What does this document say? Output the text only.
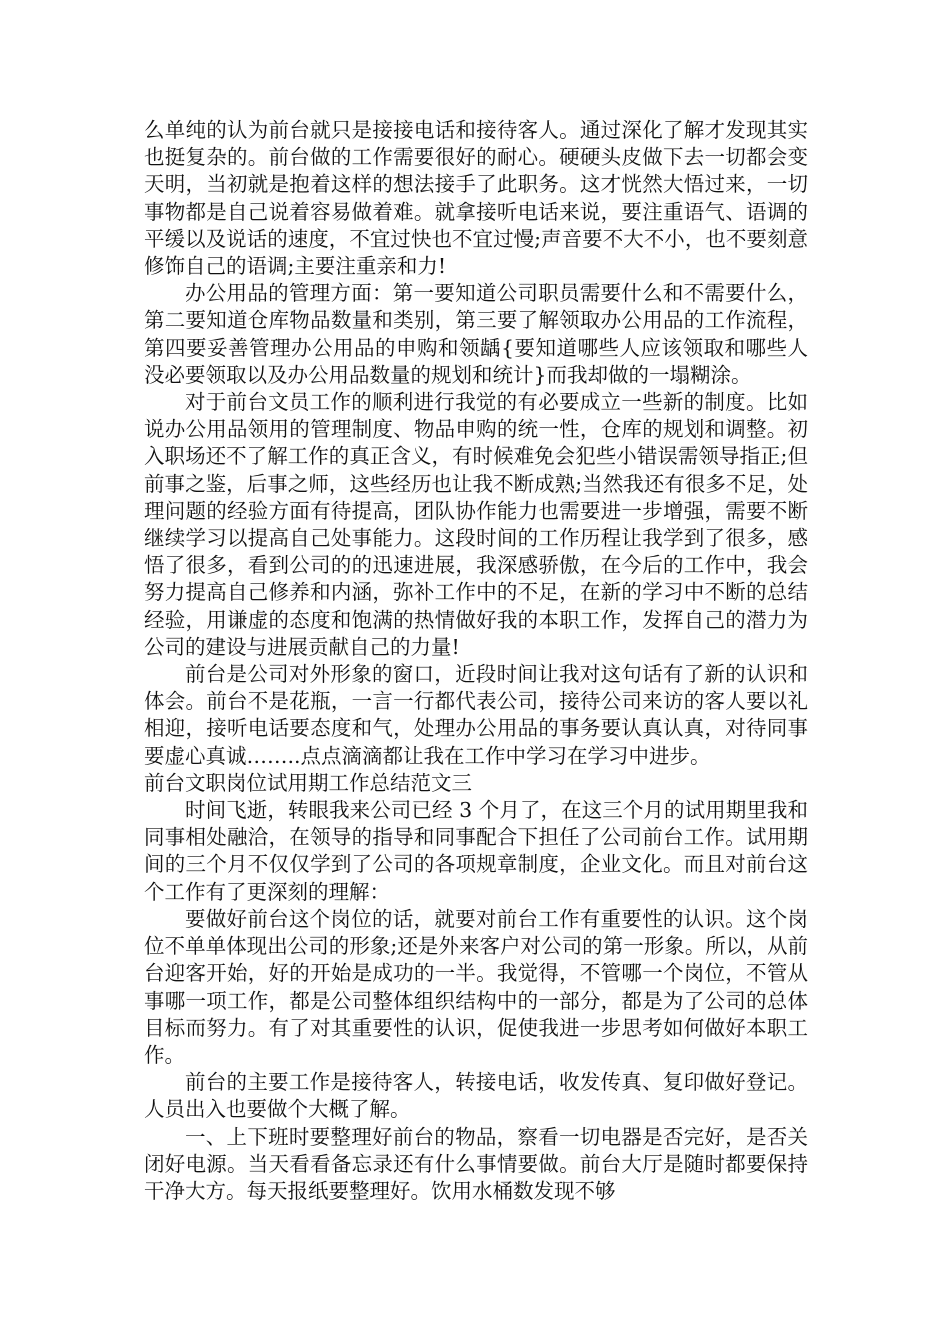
么单纯的认为前台就只是接接电话和接待客人。通过深化了解才发现其实也挺复杂的。前台做的工作需要很好的耐心。硬硬头皮做下去一切都会变天明，当初就是抱着这样的想法接手了此职务。这才恍然大悟过来，一切事物都是自己说着容易做着难。就拿接听电话来说，要注重语气、语调的平缓以及说话的速度，不宜过快也不宜过慢;声音要不大不小，也不要刻意修饰自己的语调;主要注重亲和力!

办公用品的管理方面：第一要知道公司职员需要什么和不需要什么，第二要知道仓库物品数量和类别，第三要了解领取办公用品的工作流程，第四要妥善管理办公用品的申购和领龋{要知道哪些人应该领取和哪些人没必要领取以及办公用品数量的规划和统计}而我却做的一塌糊涂。

对于前台文员工作的顺利进行我觉的有必要成立一些新的制度。比如说办公用品领用的管理制度、物品申购的统一性，仓库的规划和调整。初入职场还不了解工作的真正含义，有时候难免会犯些小错误需领导指正;但前事之鉴，后事之师，这些经历也让我不断成熟;当然我还有很多不足，处理问题的经验方面有待提高，团队协作能力也需要进一步增强，需要不断继续学习以提高自己处事能力。这段时间的工作历程让我学到了很多，感悟了很多，看到公司的的迅速进展，我深感骄傲，在今后的工作中，我会努力提高自己修养和内涵，弥补工作中的不足，在新的学习中不断的总结经验，用谦虚的态度和饱满的热情做好我的本职工作，发挥自己的潜力为公司的建设与进展贡献自己的力量!

前台是公司对外形象的窗口，近段时间让我对这句话有了新的认识和体会。前台不是花瓶，一言一行都代表公司，接待公司来访的客人要以礼相迎，接听电话要态度和气，处理办公用品的事务要认真认真，对待同事要虚心真诚……..点点滴滴都让我在工作中学习在学习中进步。

前台文职岗位试用期工作总结范文三

时间飞逝，转眼我来公司已经 3 个月了，在这三个月的试用期里我和同事相处融洽，在领导的指导和同事配合下担任了公司前台工作。试用期间的三个月不仅仅学到了公司的各项规章制度，企业文化。而且对前台这个工作有了更深刻的理解：

要做好前台这个岗位的话，就要对前台工作有重要性的认识。这个岗位不单单体现出公司的形象;还是外来客户对公司的第一形象。所以，从前台迎客开始，好的开始是成功的一半。我觉得，不管哪一个岗位，不管从事哪一项工作，都是公司整体组织结构中的一部分，都是为了公司的总体目标而努力。有了对其重要性的认识，促使我进一步思考如何做好本职工作。

前台的主要工作是接待客人，转接电话，收发传真、复印做好登记。人员出入也要做个大概了解。

一、上下班时要整理好前台的物品，察看一切电器是否完好，是否关闭好电源。当天看看备忘录还有什么事情要做。前台大厅是随时都要保持干净大方。每天报纸要整理好。饮用水桶数发现不够
